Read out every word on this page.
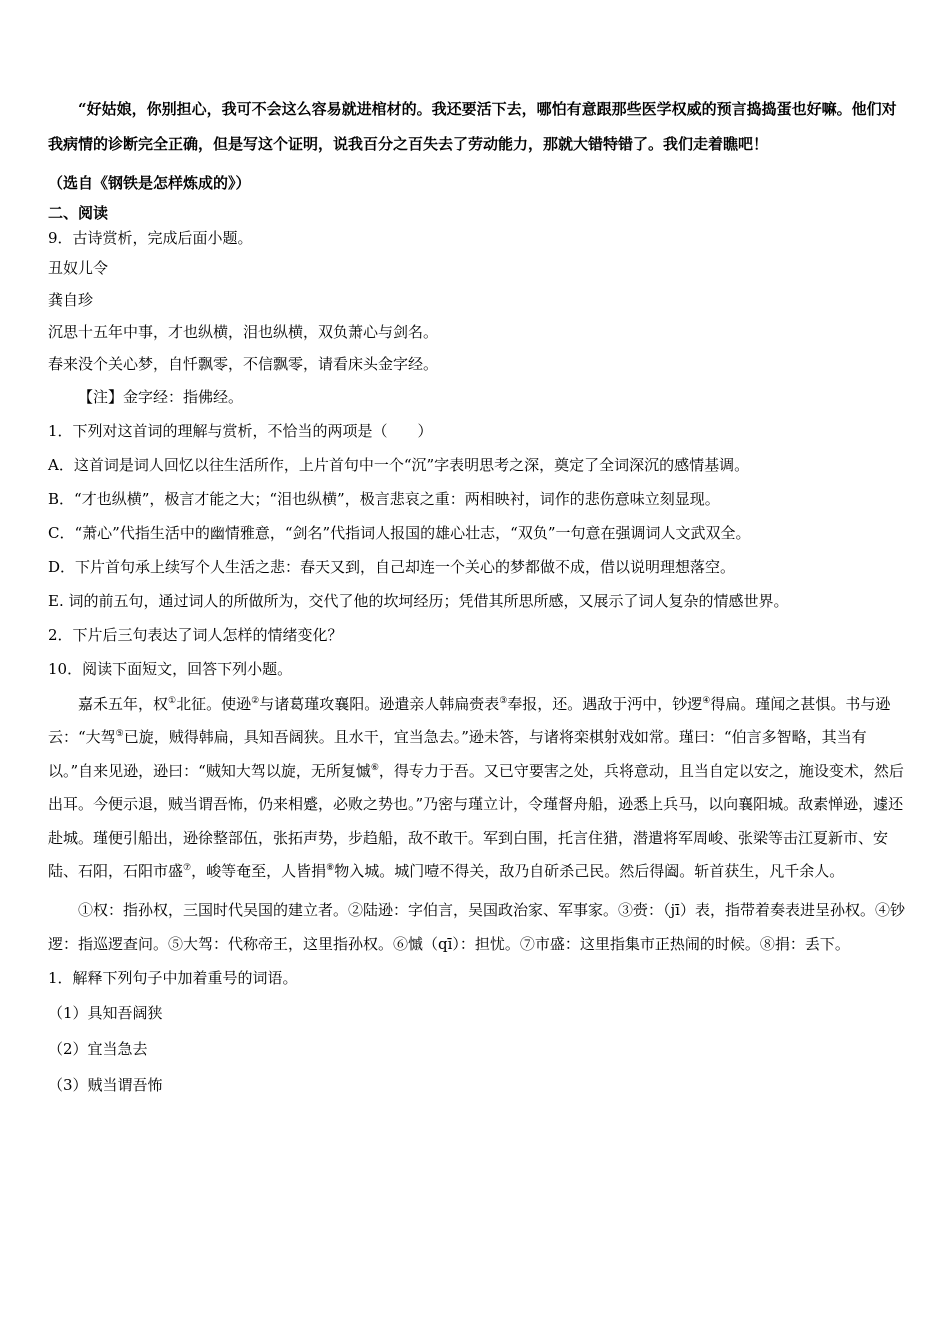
“好姑娘，你别担心，我可不会这么容易就进棺材的。我还要活下去，哪怕有意跟那些医学权威的预言捣捣蛋也好嘛。他们对我病情的诊断完全正确，但是写这个证明，说我百分之百失去了劳动能力，那就大错特错了。我们走着瞧吧！

（选自《钢铁是怎样炼成的》）

二、阅读

9．古诗赏析，完成后面小题。

丑奴儿令

龚自珍

沉思十五年中事，才也纵横，泪也纵横，双负萧心与剑名。

春来没个关心梦，自忏飘零，不信飘零，请看床头金字经。

【注】金字经：指佛经。

1．下列对这首词的理解与赏析，不恰当的两项是（　　）

A．这首词是词人回忆以往生活所作，上片首句中一个“沉”字表明思考之深，奠定了全词深沉的感情基调。

B．“才也纵横”，极言才能之大；“泪也纵横”，极言悲哀之重：两相映衬，词作的悲伤意味立刻显现。

C．“萧心”代指生活中的幽情雅意，“剑名”代指词人报国的雄心壮志，“双负”一句意在强调词人文武双全。

D．下片首句承上续写个人生活之悲：春天又到，自己却连一个关心的梦都做不成，借以说明理想落空。

E. 词的前五句，通过词人的所做所为，交代了他的坎坷经历；凭借其所思所感，又展示了词人复杂的情感世界。

2．下片后三句表达了词人怎样的情绪变化？

10．阅读下面短文，回答下列小题。

嘉禾五年，权①北征。使逊②与诸葛瑾攻襄阳。逊遣亲人韩扁赍表③奉报，还。遇敌于沔中，钞逻④得扁。瑾闻之甚惧。书与逊云：“大驾⑤已旋，贼得韩扁，具知吾阔狭。且水干，宜当急去。”逊未答，与诸将栾棋射戏如常。瑾曰：“伯言多智略，其当有以。”自来见逊，逊曰：“贼知大驾以旋，无所复慽⑥，得专力于吾。又已守要害之处，兵将意动，且当自定以安之，施设变术，然后出耳。今便示退，贼当谓吾怖，仍来相蹙，必败之势也。”乃密与瑾立计，令瑾督舟船，逊悉上兵马，以向襄阳城。敌素惮逊，遽还赴城。瑾便引船出，逊徐整部伍，张拓声势，步趋船，敌不敢干。军到白围，托言住猎，潜遣将军周峻、张梁等击江夏新市、安陆、石阳，石阳市盛⑦，峻等奄至，人皆捐⑧物入城。城门噎不得关，敌乃自斫杀己民。然后得阖。斩首获生，凡千余人。

①权：指孙权，三国时代吴国的建立者。②陆逊：字伯言，吴国政治家、军事家。③赍：（jī）表，指带着奏表进呈孙权。④钞逻：指巡逻查问。⑤大驾：代称帝王，这里指孙权。⑥慽（qī）：担忧。⑦市盛：这里指集市正热闹的时候。⑧捐：丢下。

1．解释下列句子中加着重号的词语。

（1）具知吾阔狭

（2）宜当急去

（3）贼当谓吾怖
